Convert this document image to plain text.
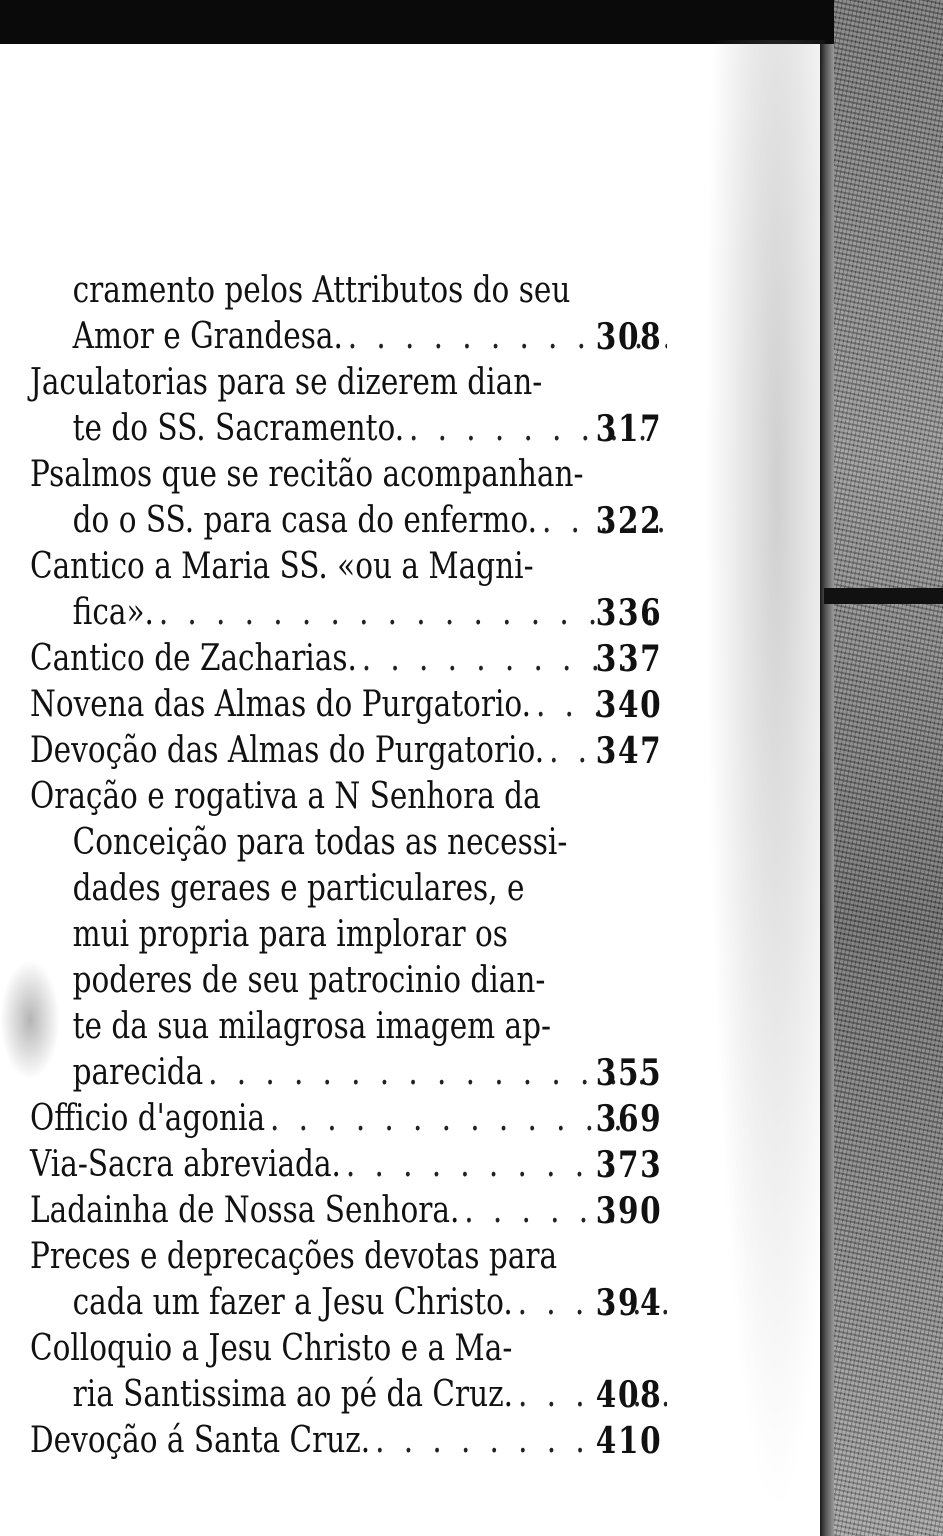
cramento pelos Attributos do seu
Amor e Grandesa. . . .	308
Jaculatorias para se dizerem dian-
te do SS. Sacramento. . . .	317
Psalmos que se recitão acompanhan-
do o SS. para casa do enfermo. . . . 322
Cantico a Maria SS. «ou a Magni-
fica». . . .	336
Cantico de Zacharias. . . .	337
Novena das Almas do Purgatorio. . . . 340
Devoção das Almas do Purgatorio. . . . 347
Oração e rogativa a N Senhora da
Conceição para todas as necessi-
dades geraes e particulares, e
mui propria para implorar os
poderes de seu patrocinio dian-
te da sua milagrosa imagem ap-
parecida . . .	355
Officio d'agonia . . .	369
Via-Sacra abreviada. . . .	373
Ladainha de Nossa Senhora. . . .	390
Preces e deprecações devotas para
cada um fazer a Jesu Christo. . . . 394
Colloquio a Jesu Christo e a Ma-
ria Santissima ao pé da Cruz. . . . 408
Devoção á Santa Cruz. . . .	410
